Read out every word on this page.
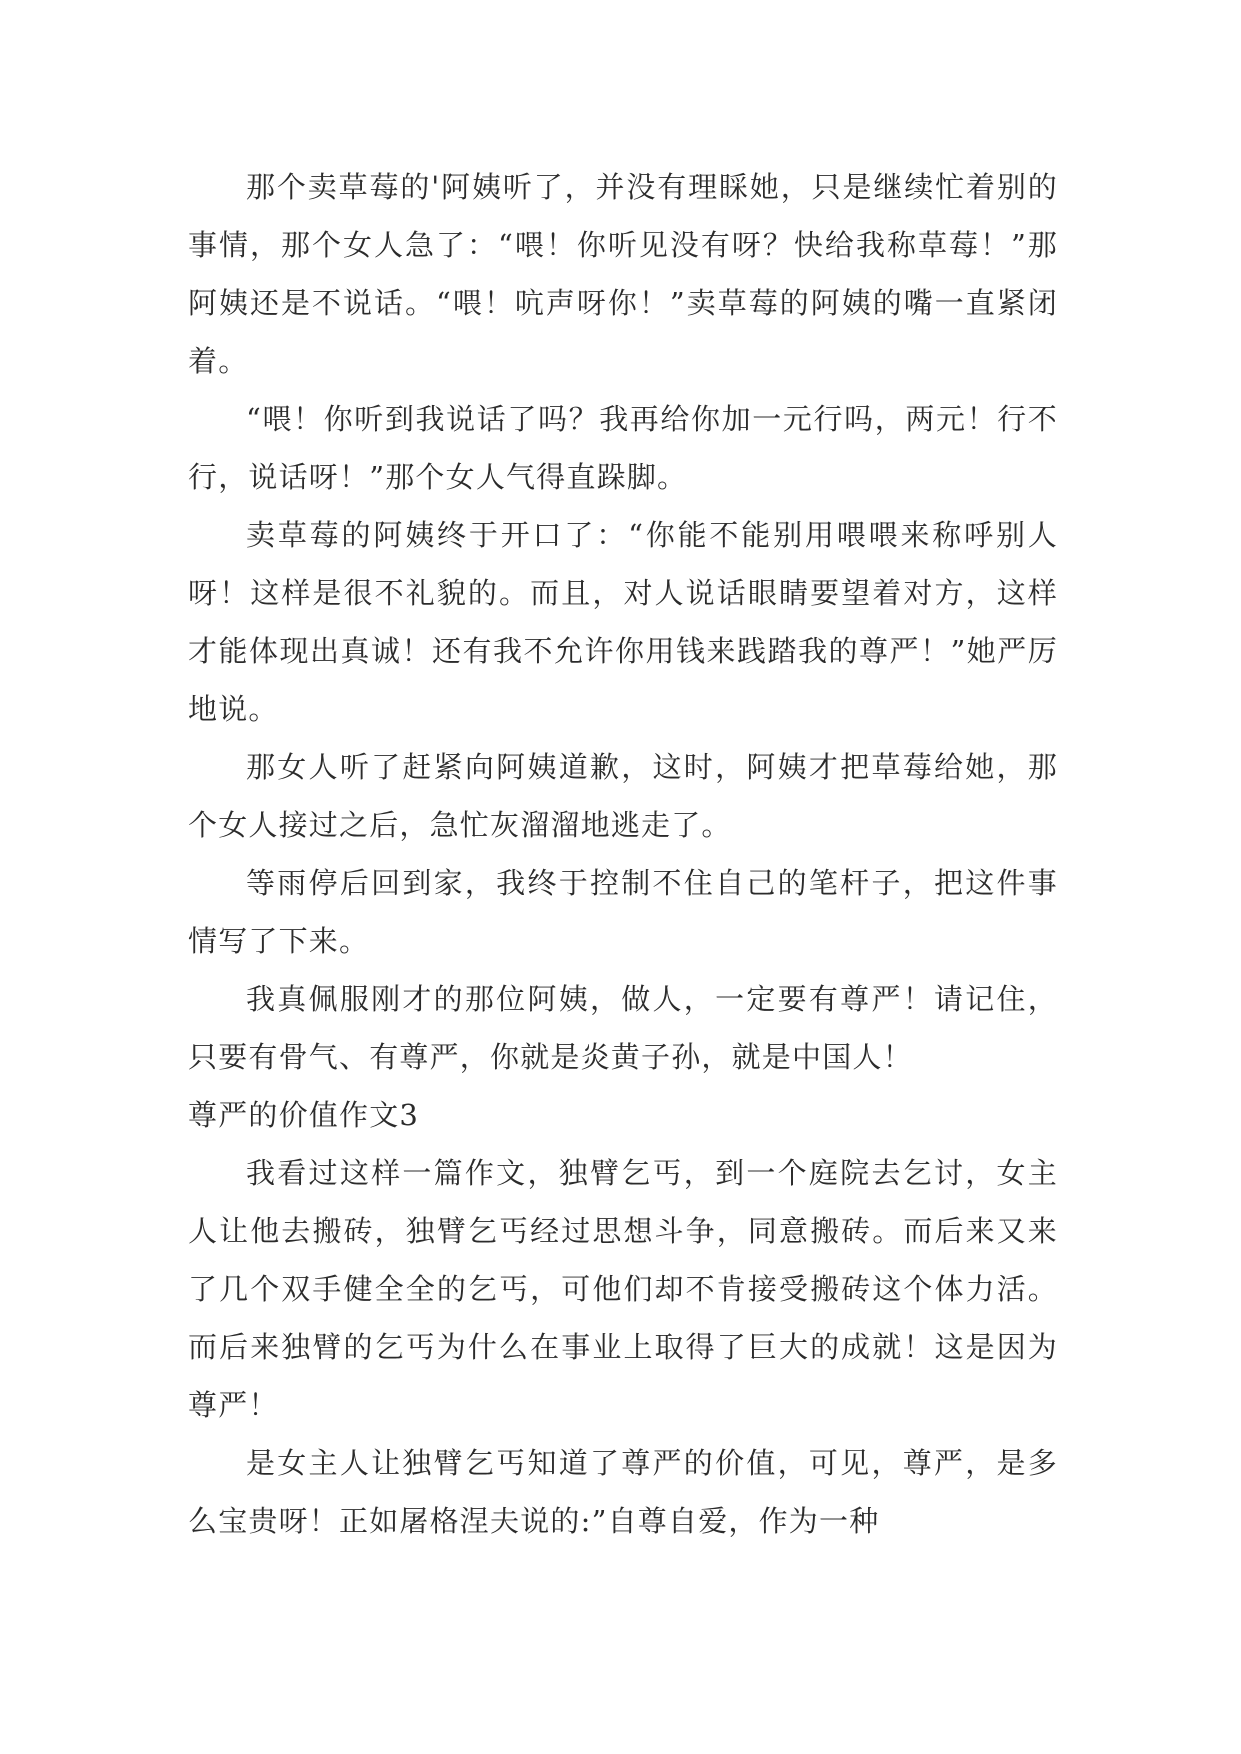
那个卖草莓的'阿姨听了，并没有理睬她，只是继续忙着别的事情，那个女人急了：“喂！你听见没有呀？快给我称草莓！”那阿姨还是不说话。“喂！吭声呀你！”卖草莓的阿姨的嘴一直紧闭着。

“喂！你听到我说话了吗？我再给你加一元行吗，两元！行不行，说话呀！”那个女人气得直跺脚。

卖草莓的阿姨终于开口了：“你能不能别用喂喂来称呼别人呀！这样是很不礼貌的。而且，对人说话眼睛要望着对方，这样才能体现出真诚！还有我不允许你用钱来践踏我的尊严！”她严厉地说。

那女人听了赶紧向阿姨道歉，这时，阿姨才把草莓给她，那个女人接过之后，急忙灰溜溜地逃走了。

等雨停后回到家，我终于控制不住自己的笔杆子，把这件事情写了下来。

我真佩服刚才的那位阿姨，做人，一定要有尊严！请记住，只要有骨气、有尊严，你就是炎黄子孙，就是中国人！

尊严的价值作文3

我看过这样一篇作文，独臂乞丐，到一个庭院去乞讨，女主人让他去搬砖，独臂乞丐经过思想斗争，同意搬砖。而后来又来了几个双手健全全的乞丐，可他们却不肯接受搬砖这个体力活。而后来独臂的乞丐为什么在事业上取得了巨大的成就！这是因为尊严！

是女主人让独臂乞丐知道了尊严的价值，可见，尊严，是多么宝贵呀！正如屠格涅夫说的:”自尊自爱，作为一种
